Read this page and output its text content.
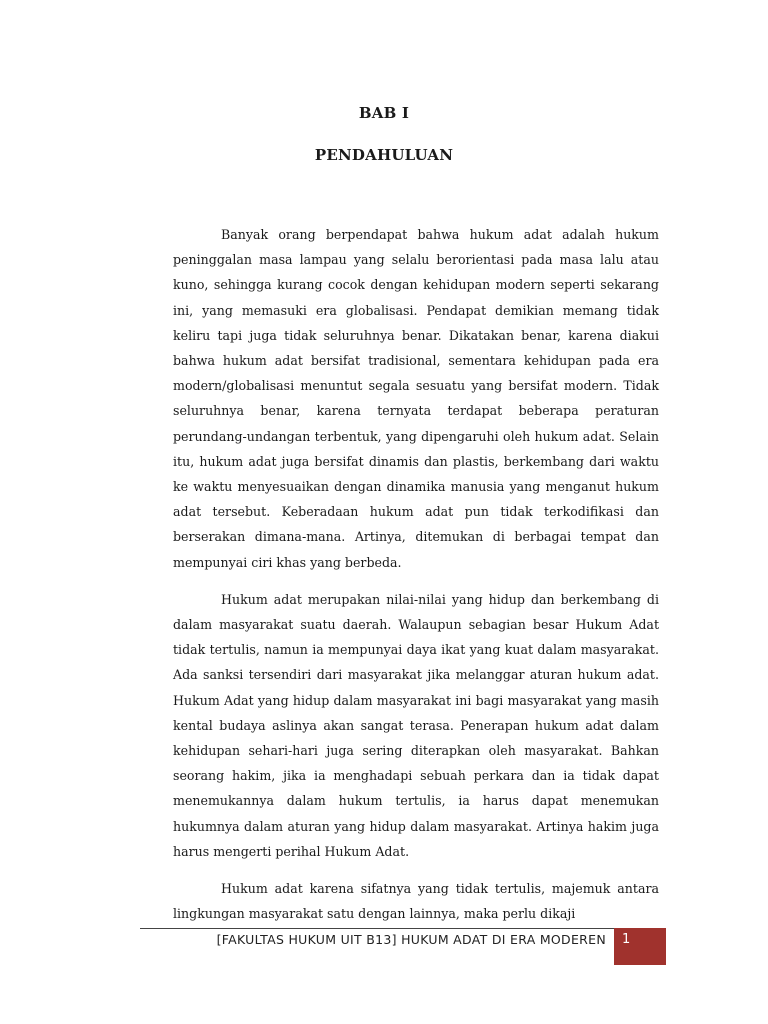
BAB I
PENDAHULUAN

Banyak orang berpendapat bahwa hukum adat adalah hukum peninggalan masa lampau yang selalu berorientasi pada masa lalu atau kuno, sehingga kurang cocok dengan kehidupan modern seperti sekarang ini, yang memasuki era globalisasi. Pendapat demikian memang tidak keliru tapi juga tidak seluruhnya benar. Dikatakan benar, karena diakui bahwa hukum adat bersifat tradisional, sementara kehidupan pada era modern/globalisasi menuntut segala sesuatu yang bersifat modern. Tidak seluruhnya benar, karena ternyata terdapat beberapa peraturan perundang-undangan terbentuk, yang dipengaruhi oleh hukum adat. Selain itu, hukum adat juga bersifat dinamis dan plastis, berkembang dari waktu ke waktu menyesuaikan dengan dinamika manusia yang menganut hukum adat tersebut. Keberadaan hukum adat pun tidak terkodifikasi dan berserakan dimana-mana. Artinya, ditemukan di berbagai tempat dan mempunyai ciri khas yang berbeda.

Hukum adat merupakan nilai-nilai yang hidup dan berkembang di dalam masyarakat suatu daerah. Walaupun sebagian besar Hukum Adat tidak tertulis, namun ia mempunyai daya ikat yang kuat dalam masyarakat. Ada sanksi tersendiri dari masyarakat jika melanggar aturan hukum adat. Hukum Adat yang hidup dalam masyarakat ini bagi masyarakat yang masih kental budaya aslinya akan sangat terasa. Penerapan hukum adat dalam kehidupan sehari-hari juga sering diterapkan oleh masyarakat. Bahkan seorang hakim, jika ia menghadapi sebuah perkara dan ia tidak dapat menemukannya dalam hukum tertulis, ia harus dapat menemukan hukumnya dalam aturan yang hidup dalam masyarakat. Artinya hakim juga harus mengerti perihal Hukum Adat.

Hukum adat karena sifatnya yang tidak tertulis, majemuk antara lingkungan masyarakat satu dengan lainnya, maka perlu dikaji

[FAKULTAS HUKUM UIT B13] HUKUM ADAT DI ERA MODEREN 1
